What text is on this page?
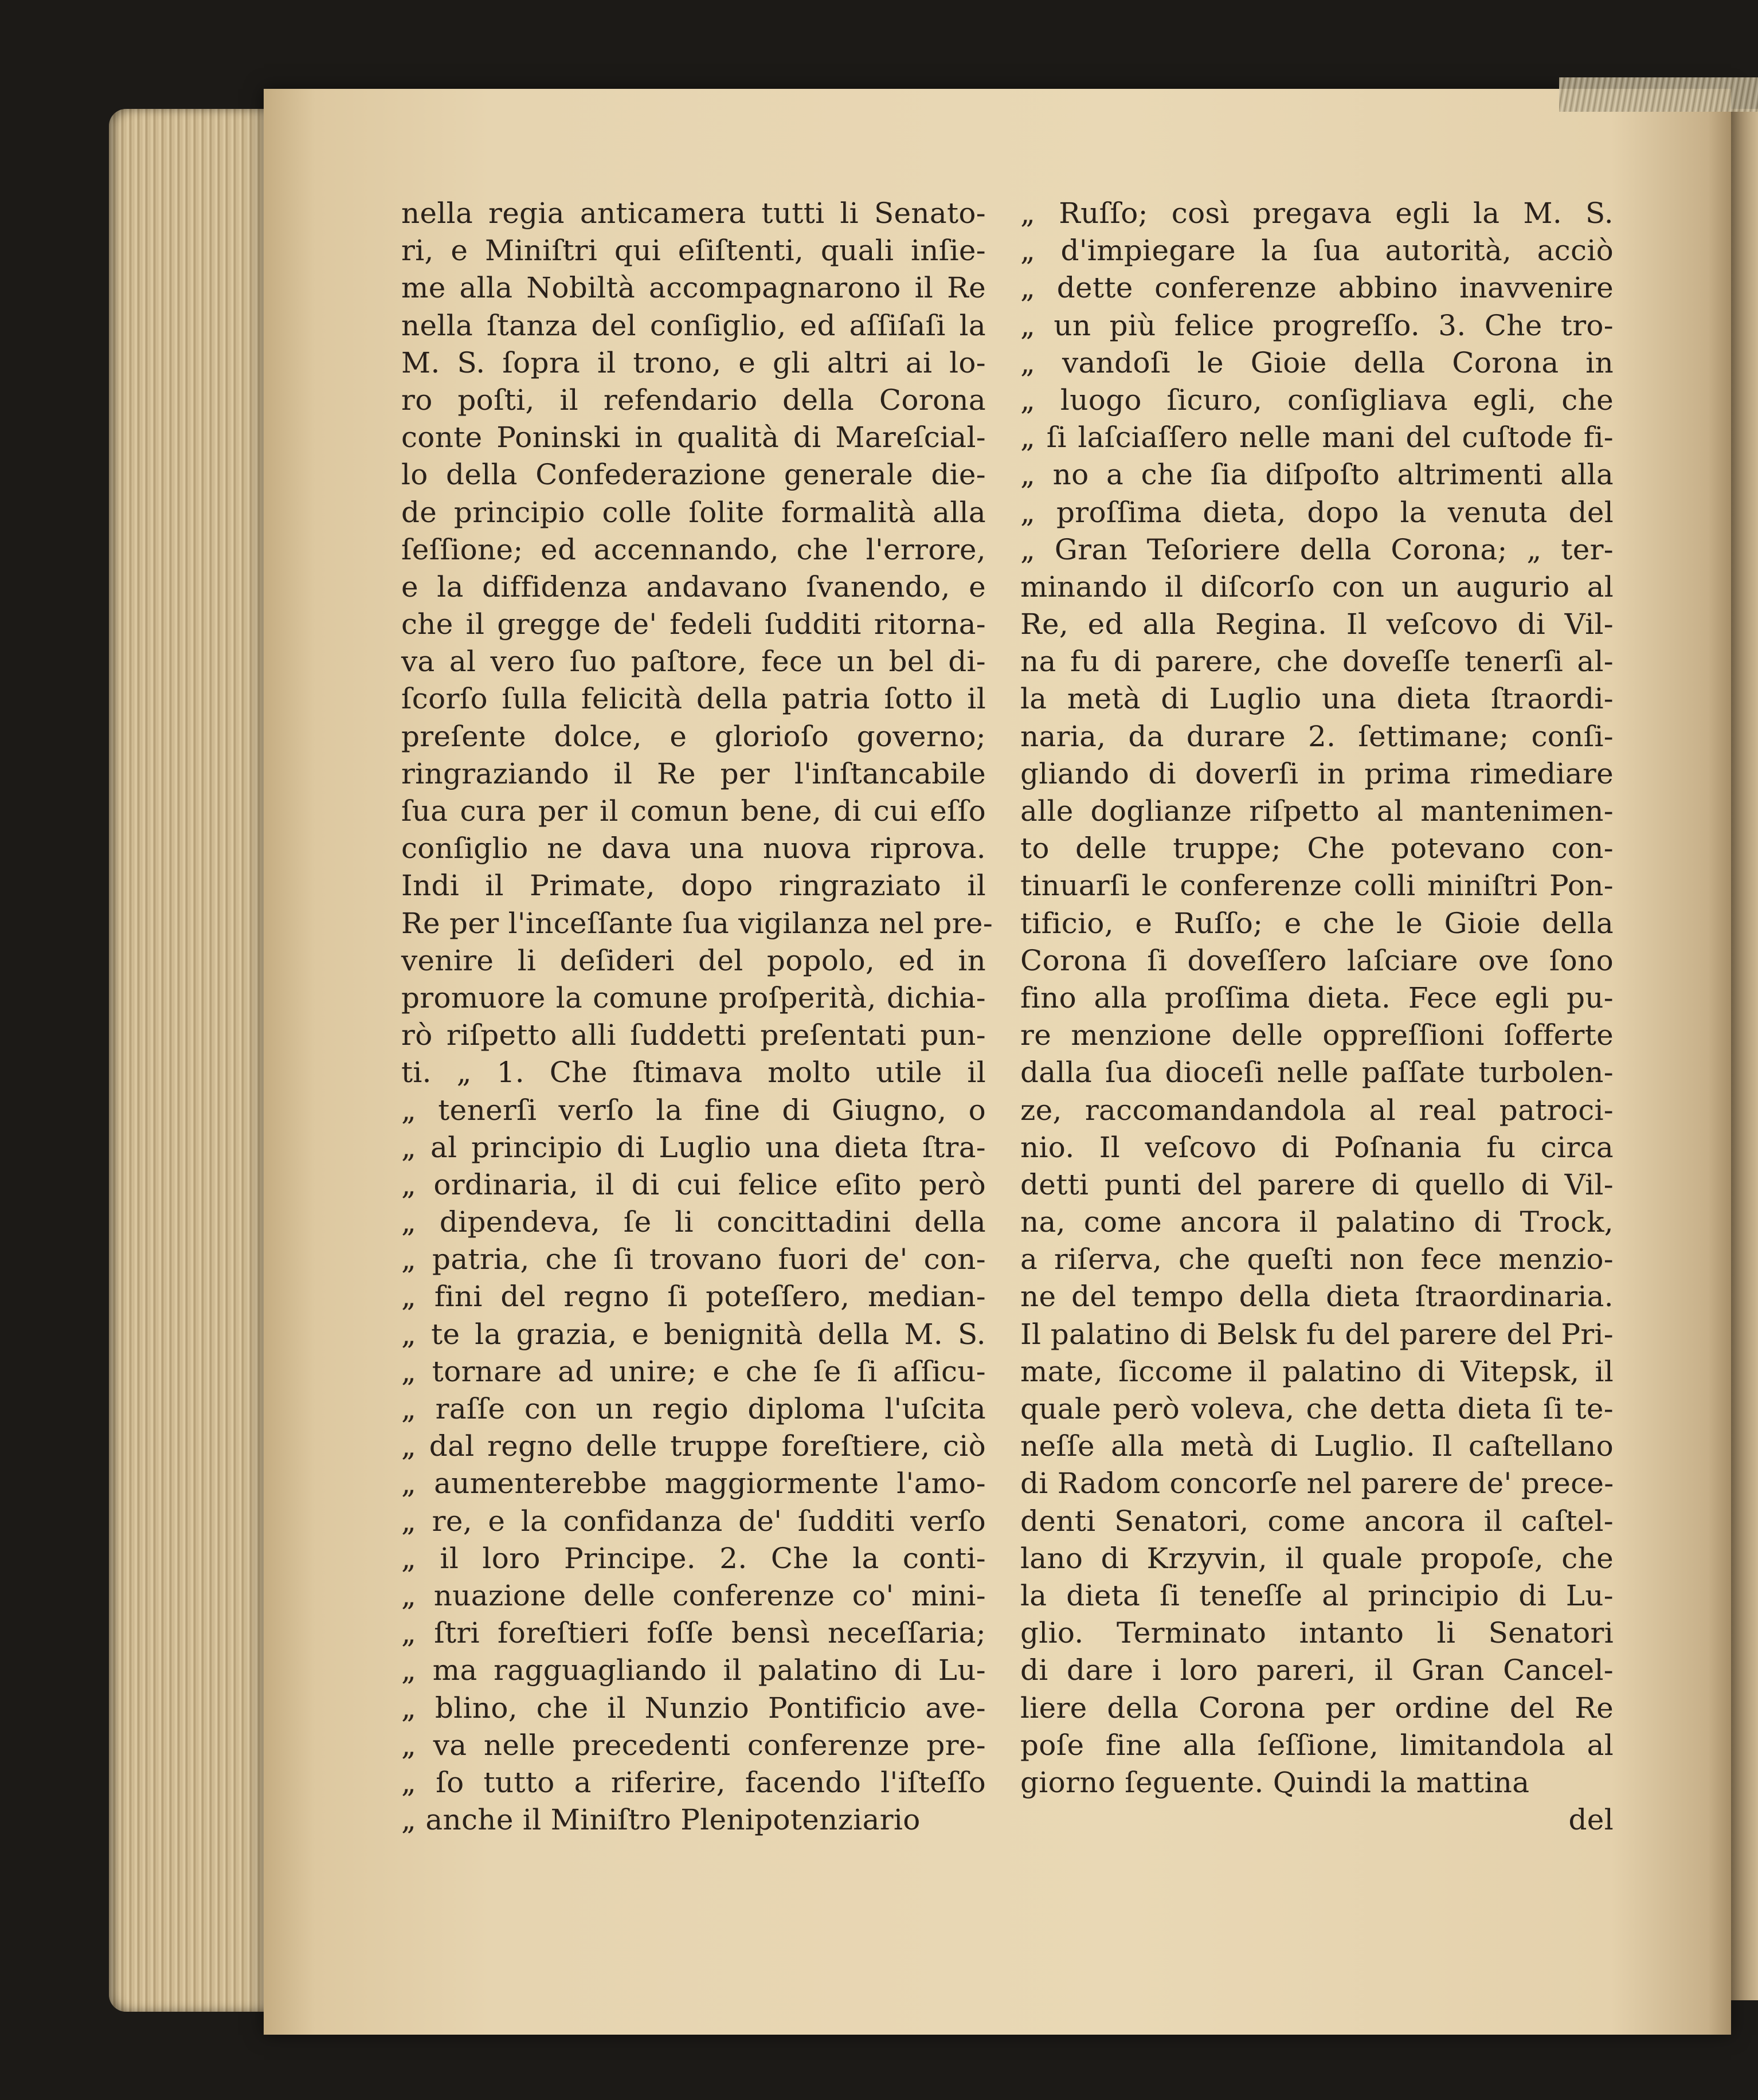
nella regia anticamera tutti li Senato-
ri, e Miniſtri qui eſiſtenti, quali inſie-
me alla Nobiltà accompagnarono il Re
nella ſtanza del conſiglio, ed aſſiſaſi la
M. S. ſopra il trono, e gli altri ai lo-
ro poſti, il refendario della Corona
conte Poninski in qualità di Mareſcial-
lo della Confederazione generale die-
de principio colle ſolite formalità alla
ſeſſione; ed accennando, che l'errore,
e la diffidenza andavano ſvanendo, e
che il gregge de' fedeli ſudditi ritorna-
va al vero ſuo paſtore, fece un bel di-
ſcorſo ſulla felicità della patria ſotto il
preſente dolce, e glorioſo governo;
ringraziando il Re per l'inſtancabile
ſua cura per il comun bene, di cui eſſo
conſiglio ne dava una nuova riprova.
Indi il Primate, dopo ringraziato il
Re per l'inceſſante ſua vigilanza nel pre-
venire li deſideri del popolo, ed in
promuore la comune proſperità, dichia-
rò riſpetto alli ſuddetti preſentati pun-
ti. „ 1. Che ſtimava molto utile il
„ tenerſi verſo la fine di Giugno, o
„ al principio di Luglio una dieta ſtra-
„ ordinaria, il di cui felice eſito però
„ dipendeva, ſe li concittadini della
„ patria, che ſi trovano fuori de' con-
„ fini del regno ſi poteſſero, median-
„ te la grazia, e benignità della M. S.
„ tornare ad unire; e che ſe ſi aſſicu-
„ raſſe con un regio diploma l'uſcita
„ dal regno delle truppe foreſtiere, ciò
„ aumenterebbe maggiormente l'amo-
„ re, e la confidanza de' ſudditi verſo
„ il loro Principe. 2. Che la conti-
„ nuazione delle conferenze co' mini-
„ ſtri foreſtieri foſſe bensì neceſſaria;
„ ma ragguagliando il palatino di Lu-
„ blino, che il Nunzio Pontificio ave-
„ va nelle precedenti conferenze pre-
„ ſo tutto a riferire, facendo l'iſteſſo
„ anche il Miniſtro Plenipotenziario
„ Ruſſo; così pregava egli la M. S.
„ d'impiegare la ſua autorità, acciò
„ dette conferenze abbino inavvenire
„ un più felice progreſſo. 3. Che tro-
„ vandoſi le Gioie della Corona in
„ luogo ſicuro, conſigliava egli, che
„ ſi laſciaſſero nelle mani del cuſtode fi-
„ no a che ſia diſpoſto altrimenti alla
„ proſſima dieta, dopo la venuta del
„ Gran Teſoriere della Corona; „ ter-
minando il diſcorſo con un augurio al
Re, ed alla Regina. Il veſcovo di Vil-
na fu di parere, che doveſſe tenerſi al-
la metà di Luglio una dieta ſtraordi-
naria, da durare 2. ſettimane; conſi-
gliando di doverſi in prima rimediare
alle doglianze riſpetto al mantenimen-
to delle truppe; Che potevano con-
tinuarſi le conferenze colli miniſtri Pon-
tificio, e Ruſſo; e che le Gioie della
Corona ſi doveſſero laſciare ove ſono
fino alla proſſima dieta. Fece egli pu-
re menzione delle oppreſſioni ſofferte
dalla ſua dioceſi nelle paſſate turbolen-
ze, raccomandandola al real patroci-
nio. Il veſcovo di Poſnania fu circa
detti punti del parere di quello di Vil-
na, come ancora il palatino di Trock,
a riſerva, che queſti non fece menzio-
ne del tempo della dieta ſtraordinaria.
Il palatino di Belsk fu del parere del Pri-
mate, ſiccome il palatino di Vitepsk, il
quale però voleva, che detta dieta ſi te-
neſſe alla metà di Luglio. Il caſtellano
di Radom concorſe nel parere de' prece-
denti Senatori, come ancora il caſtel-
lano di Krzyvin, il quale propoſe, che
la dieta ſi teneſſe al principio di Lu-
glio. Terminato intanto li Senatori
di dare i loro pareri, il Gran Cancel-
liere della Corona per ordine del Re
poſe fine alla ſeſſione, limitandola al
giorno ſeguente. Quindi la mattina
del
